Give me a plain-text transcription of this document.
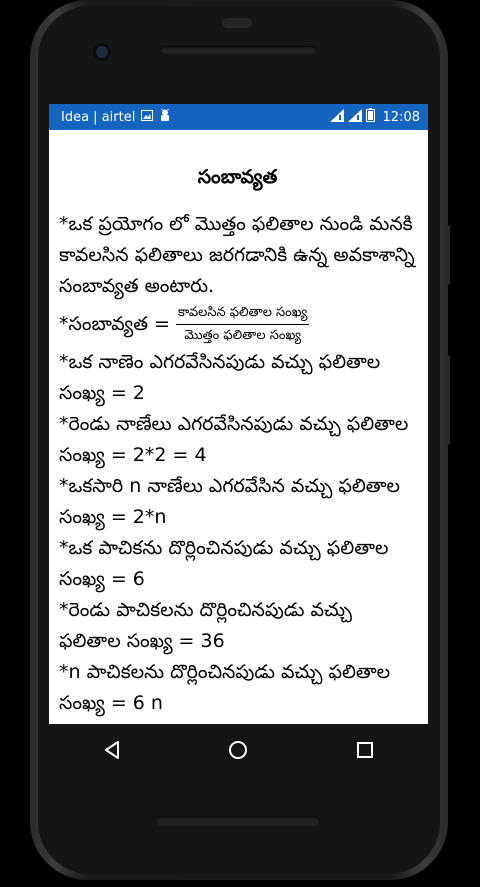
Idea | airtel	12:08
సంబావ్యత

*ఒక ప్రయోగం లో మొత్తం ఫలితాల నుండి మనకి కావలసిన ఫలితాలు జరగడానికి ఉన్న అవకాశాన్ని సంబావ్యత అంటారు.

*సంబావ్యత = $\frac{\text{కావలసిన ఫలితాల సంఖ్య}}{\text{మొత్తం ఫలితాల సంఖ్య}}$

*ఒక నాణెం ఎగరవేసినపుడు వచ్చు ఫలితాల సంఖ్య = 2

*రెండు నాణేలు ఎగరవేసినపుడు వచ్చు ఫలితాల సంఖ్య = 2*2 = 4

*ఒకసారి n నాణేలు ఎగరవేసిన వచ్చు ఫలితాల సంఖ్య = 2*n

*ఒక పాచికను దొర్లించినపుడు వచ్చు ఫలితాల సంఖ్య = 6

*రెండు పాచికలను దొర్లించినపుడు వచ్చు ఫలితాల సంఖ్య = 36

*n పాచికలను దొర్లించినపుడు వచ్చు ఫలితాల సంఖ్య = 6 n
